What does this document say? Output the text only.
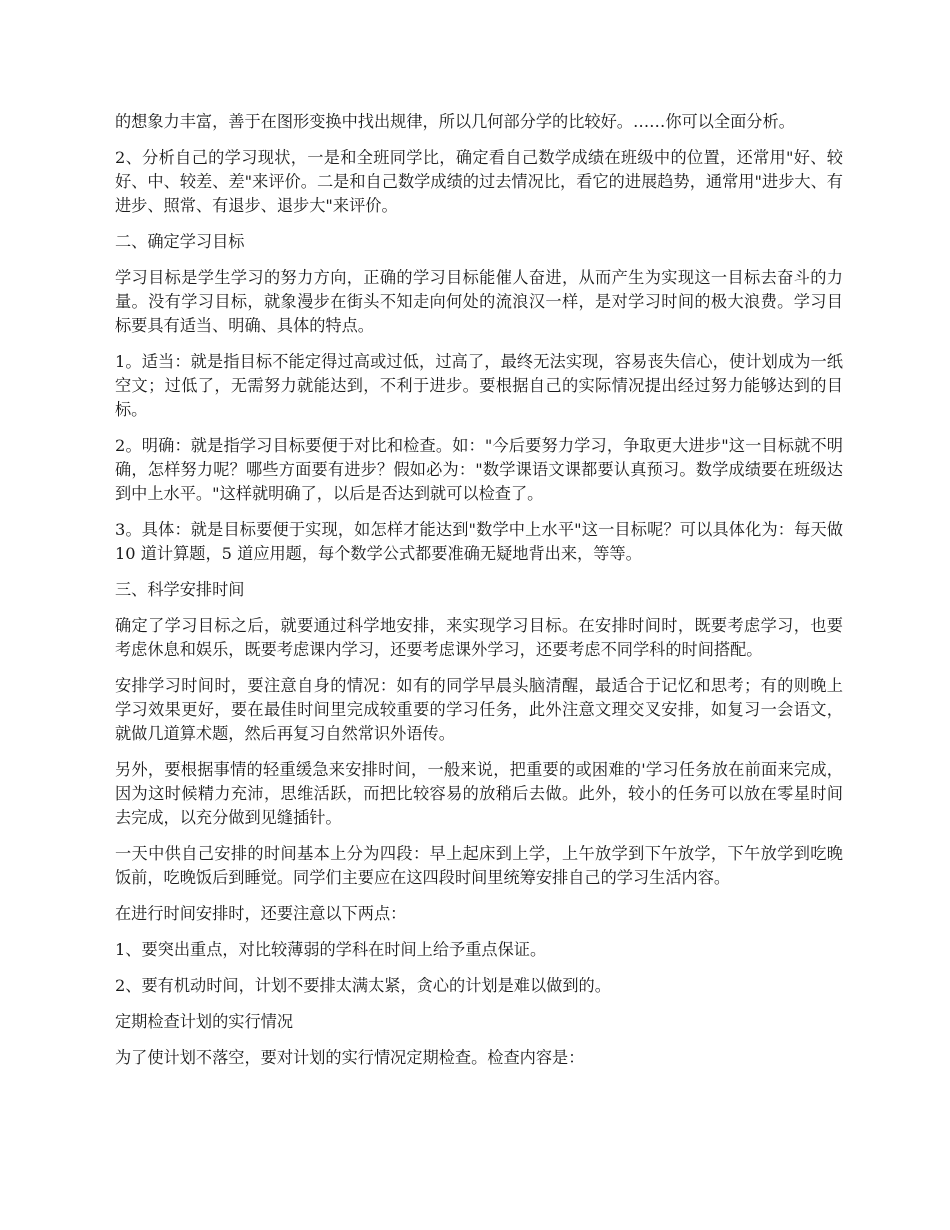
的想象力丰富，善于在图形变换中找出规律，所以几何部分学的比较好。……你可以全面分析。

2、分析自己的学习现状，一是和全班同学比，确定看自己数学成绩在班级中的位置，还常用"好、较好、中、较差、差"来评价。二是和自己数学成绩的过去情况比，看它的进展趋势，通常用"进步大、有进步、照常、有退步、退步大"来评价。

二、确定学习目标

学习目标是学生学习的努力方向，正确的学习目标能催人奋进，从而产生为实现这一目标去奋斗的力量。没有学习目标，就象漫步在街头不知走向何处的流浪汉一样，是对学习时间的极大浪费。学习目标要具有适当、明确、具体的特点。

1。适当：就是指目标不能定得过高或过低，过高了，最终无法实现，容易丧失信心，使计划成为一纸空文；过低了，无需努力就能达到，不利于进步。要根据自己的实际情况提出经过努力能够达到的目标。

2。明确：就是指学习目标要便于对比和检查。如："今后要努力学习，争取更大进步"这一目标就不明确，怎样努力呢？哪些方面要有进步？假如必为："数学课语文课都要认真预习。数学成绩要在班级达到中上水平。"这样就明确了，以后是否达到就可以检查了。

3。具体：就是目标要便于实现，如怎样才能达到"数学中上水平"这一目标呢？可以具体化为：每天做 10 道计算题，5 道应用题，每个数学公式都要准确无疑地背出来，等等。

三、科学安排时间

确定了学习目标之后，就要通过科学地安排，来实现学习目标。在安排时间时，既要考虑学习，也要考虑休息和娱乐，既要考虑课内学习，还要考虑课外学习，还要考虑不同学科的时间搭配。

安排学习时间时，要注意自身的情况：如有的同学早晨头脑清醒，最适合于记忆和思考；有的则晚上学习效果更好，要在最佳时间里完成较重要的学习任务，此外注意文理交叉安排，如复习一会语文，就做几道算术题，然后再复习自然常识外语传。

另外，要根据事情的轻重缓急来安排时间，一般来说，把重要的或困难的'学习任务放在前面来完成，因为这时候精力充沛，思维活跃，而把比较容易的放稍后去做。此外，较小的任务可以放在零星时间去完成，以充分做到见缝插针。

一天中供自己安排的时间基本上分为四段：早上起床到上学，上午放学到下午放学，下午放学到吃晚饭前，吃晚饭后到睡觉。同学们主要应在这四段时间里统筹安排自己的学习生活内容。

在进行时间安排时，还要注意以下两点：

1、要突出重点，对比较薄弱的学科在时间上给予重点保证。

2、要有机动时间，计划不要排太满太紧，贪心的计划是难以做到的。

定期检查计划的实行情况

为了使计划不落空，要对计划的实行情况定期检查。检查内容是：
